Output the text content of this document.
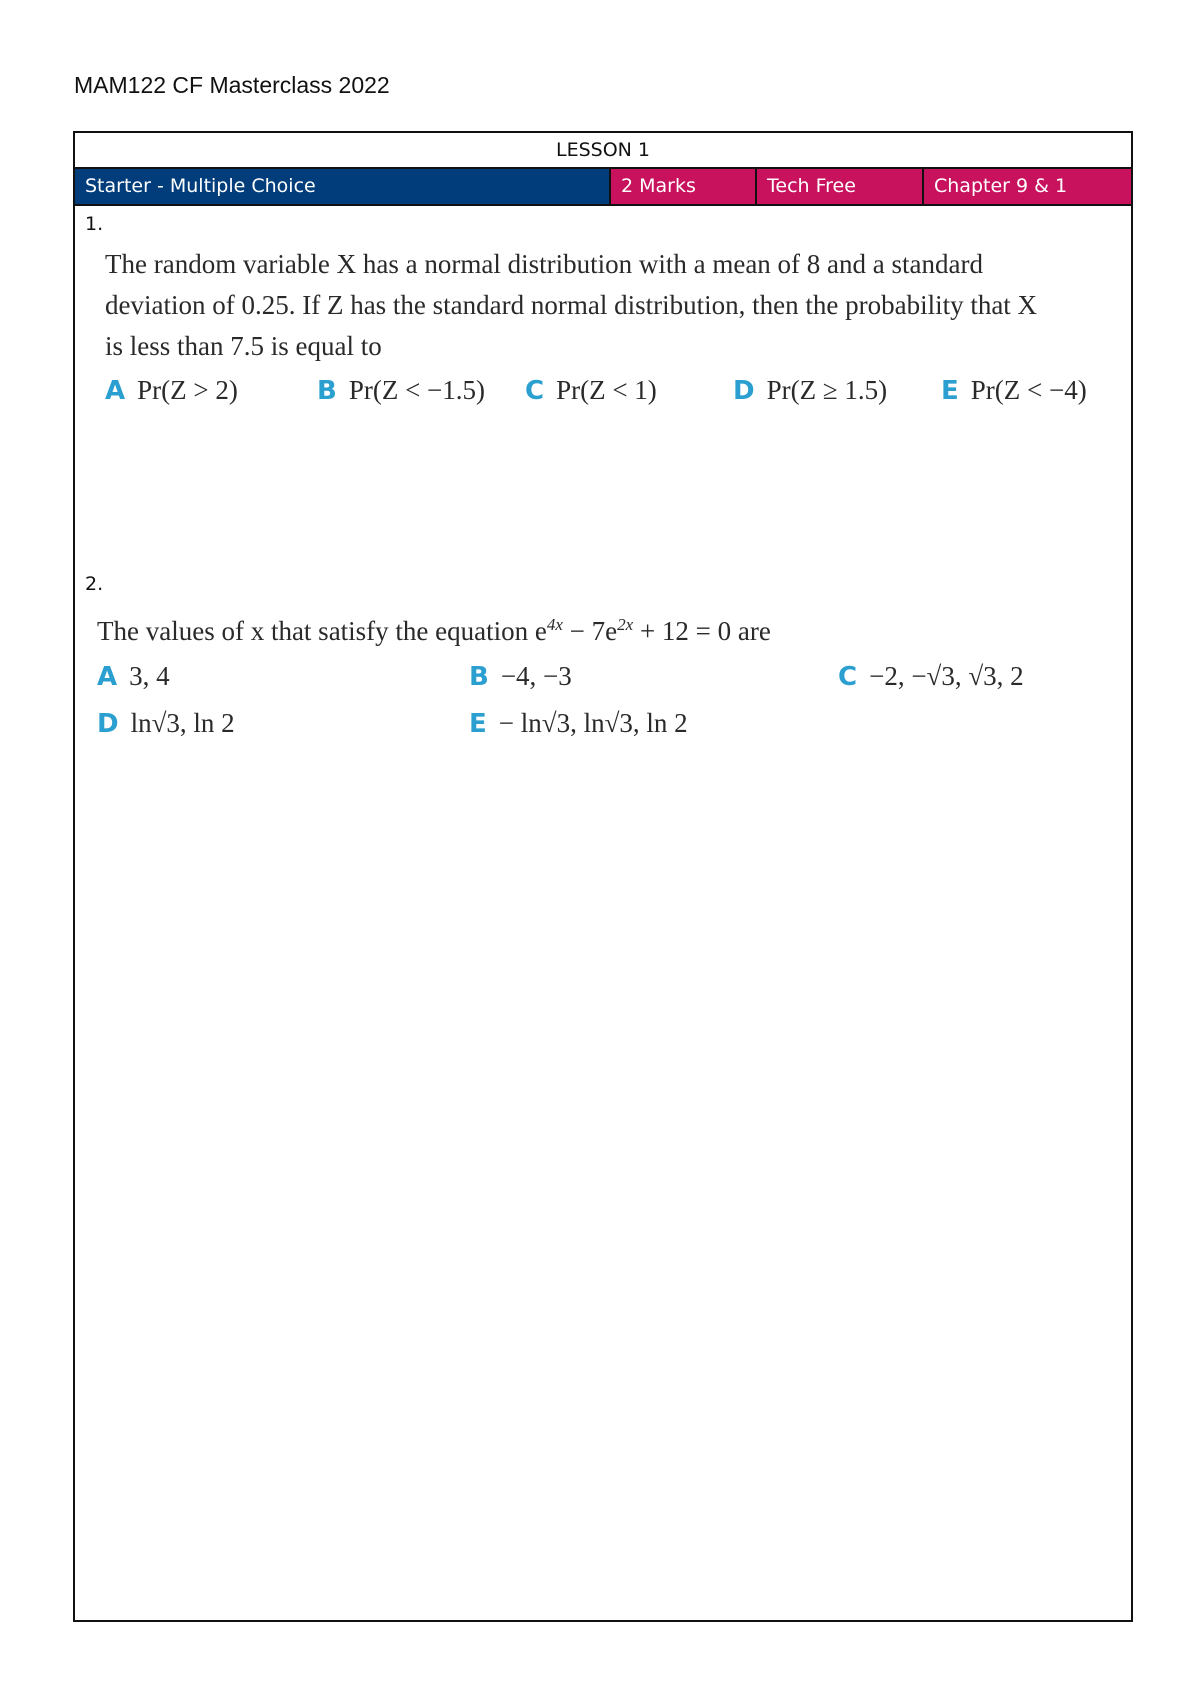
MAM122 CF Masterclass 2022
LESSON 1
Starter - Multiple Choice	2 Marks	Tech Free	Chapter 9 & 1
1.
The random variable X has a normal distribution with a mean of 8 and a standard
deviation of 0.25. If Z has the standard normal distribution, then the probability that X
is less than 7.5 is equal to
A Pr(Z > 2)	B Pr(Z < −1.5) C Pr(Z < 1)	D Pr(Z ≥ 1.5) E Pr(Z < −4)
2.
The values of x that satisfy the equation $e^{4x} - 7e^{2x} + 12 = 0$ are
A 3, 4	B −4, −3	C −2, −√3, √3, 2
D ln√3, ln 2	E − ln√3, ln√3, ln 2
